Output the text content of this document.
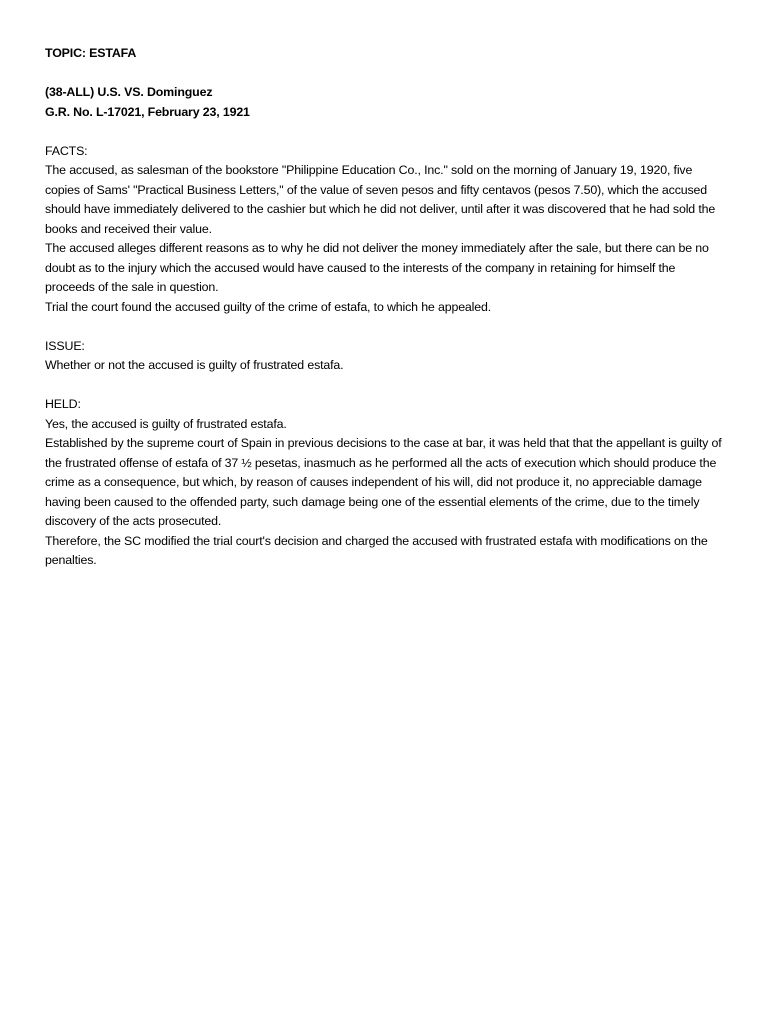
TOPIC: ESTAFA

(38-ALL) U.S. VS. Dominguez

G.R. No. L-17021, February 23, 1921

FACTS:

The accused, as salesman of the bookstore "Philippine Education Co., Inc." sold on the morning of January 19, 1920, five copies of Sams' "Practical Business Letters," of the value of seven pesos and fifty centavos (pesos 7.50), which the accused should have immediately delivered to the cashier but which he did not deliver, until after it was discovered that he had sold the books and received their value.

The accused alleges different reasons as to why he did not deliver the money immediately after the sale, but there can be no doubt as to the injury which the accused would have caused to the interests of the company in retaining for himself the proceeds of the sale in question.

Trial the court found the accused guilty of the crime of estafa, to which he appealed.

ISSUE:

Whether or not the accused is guilty of frustrated estafa.

HELD:

Yes, the accused is guilty of frustrated estafa.

Established by the supreme court of Spain in previous decisions to the case at bar, it was held that that the appellant is guilty of the frustrated offense of estafa of 37 ½ pesetas, inasmuch as he performed all the acts of execution which should produce the crime as a consequence, but which, by reason of causes independent of his will, did not produce it, no appreciable damage having been caused to the offended party, such damage being one of the essential elements of the crime, due to the timely discovery of the acts prosecuted.

Therefore, the SC modified the trial court's decision and charged the accused with frustrated estafa with modifications on the penalties.
